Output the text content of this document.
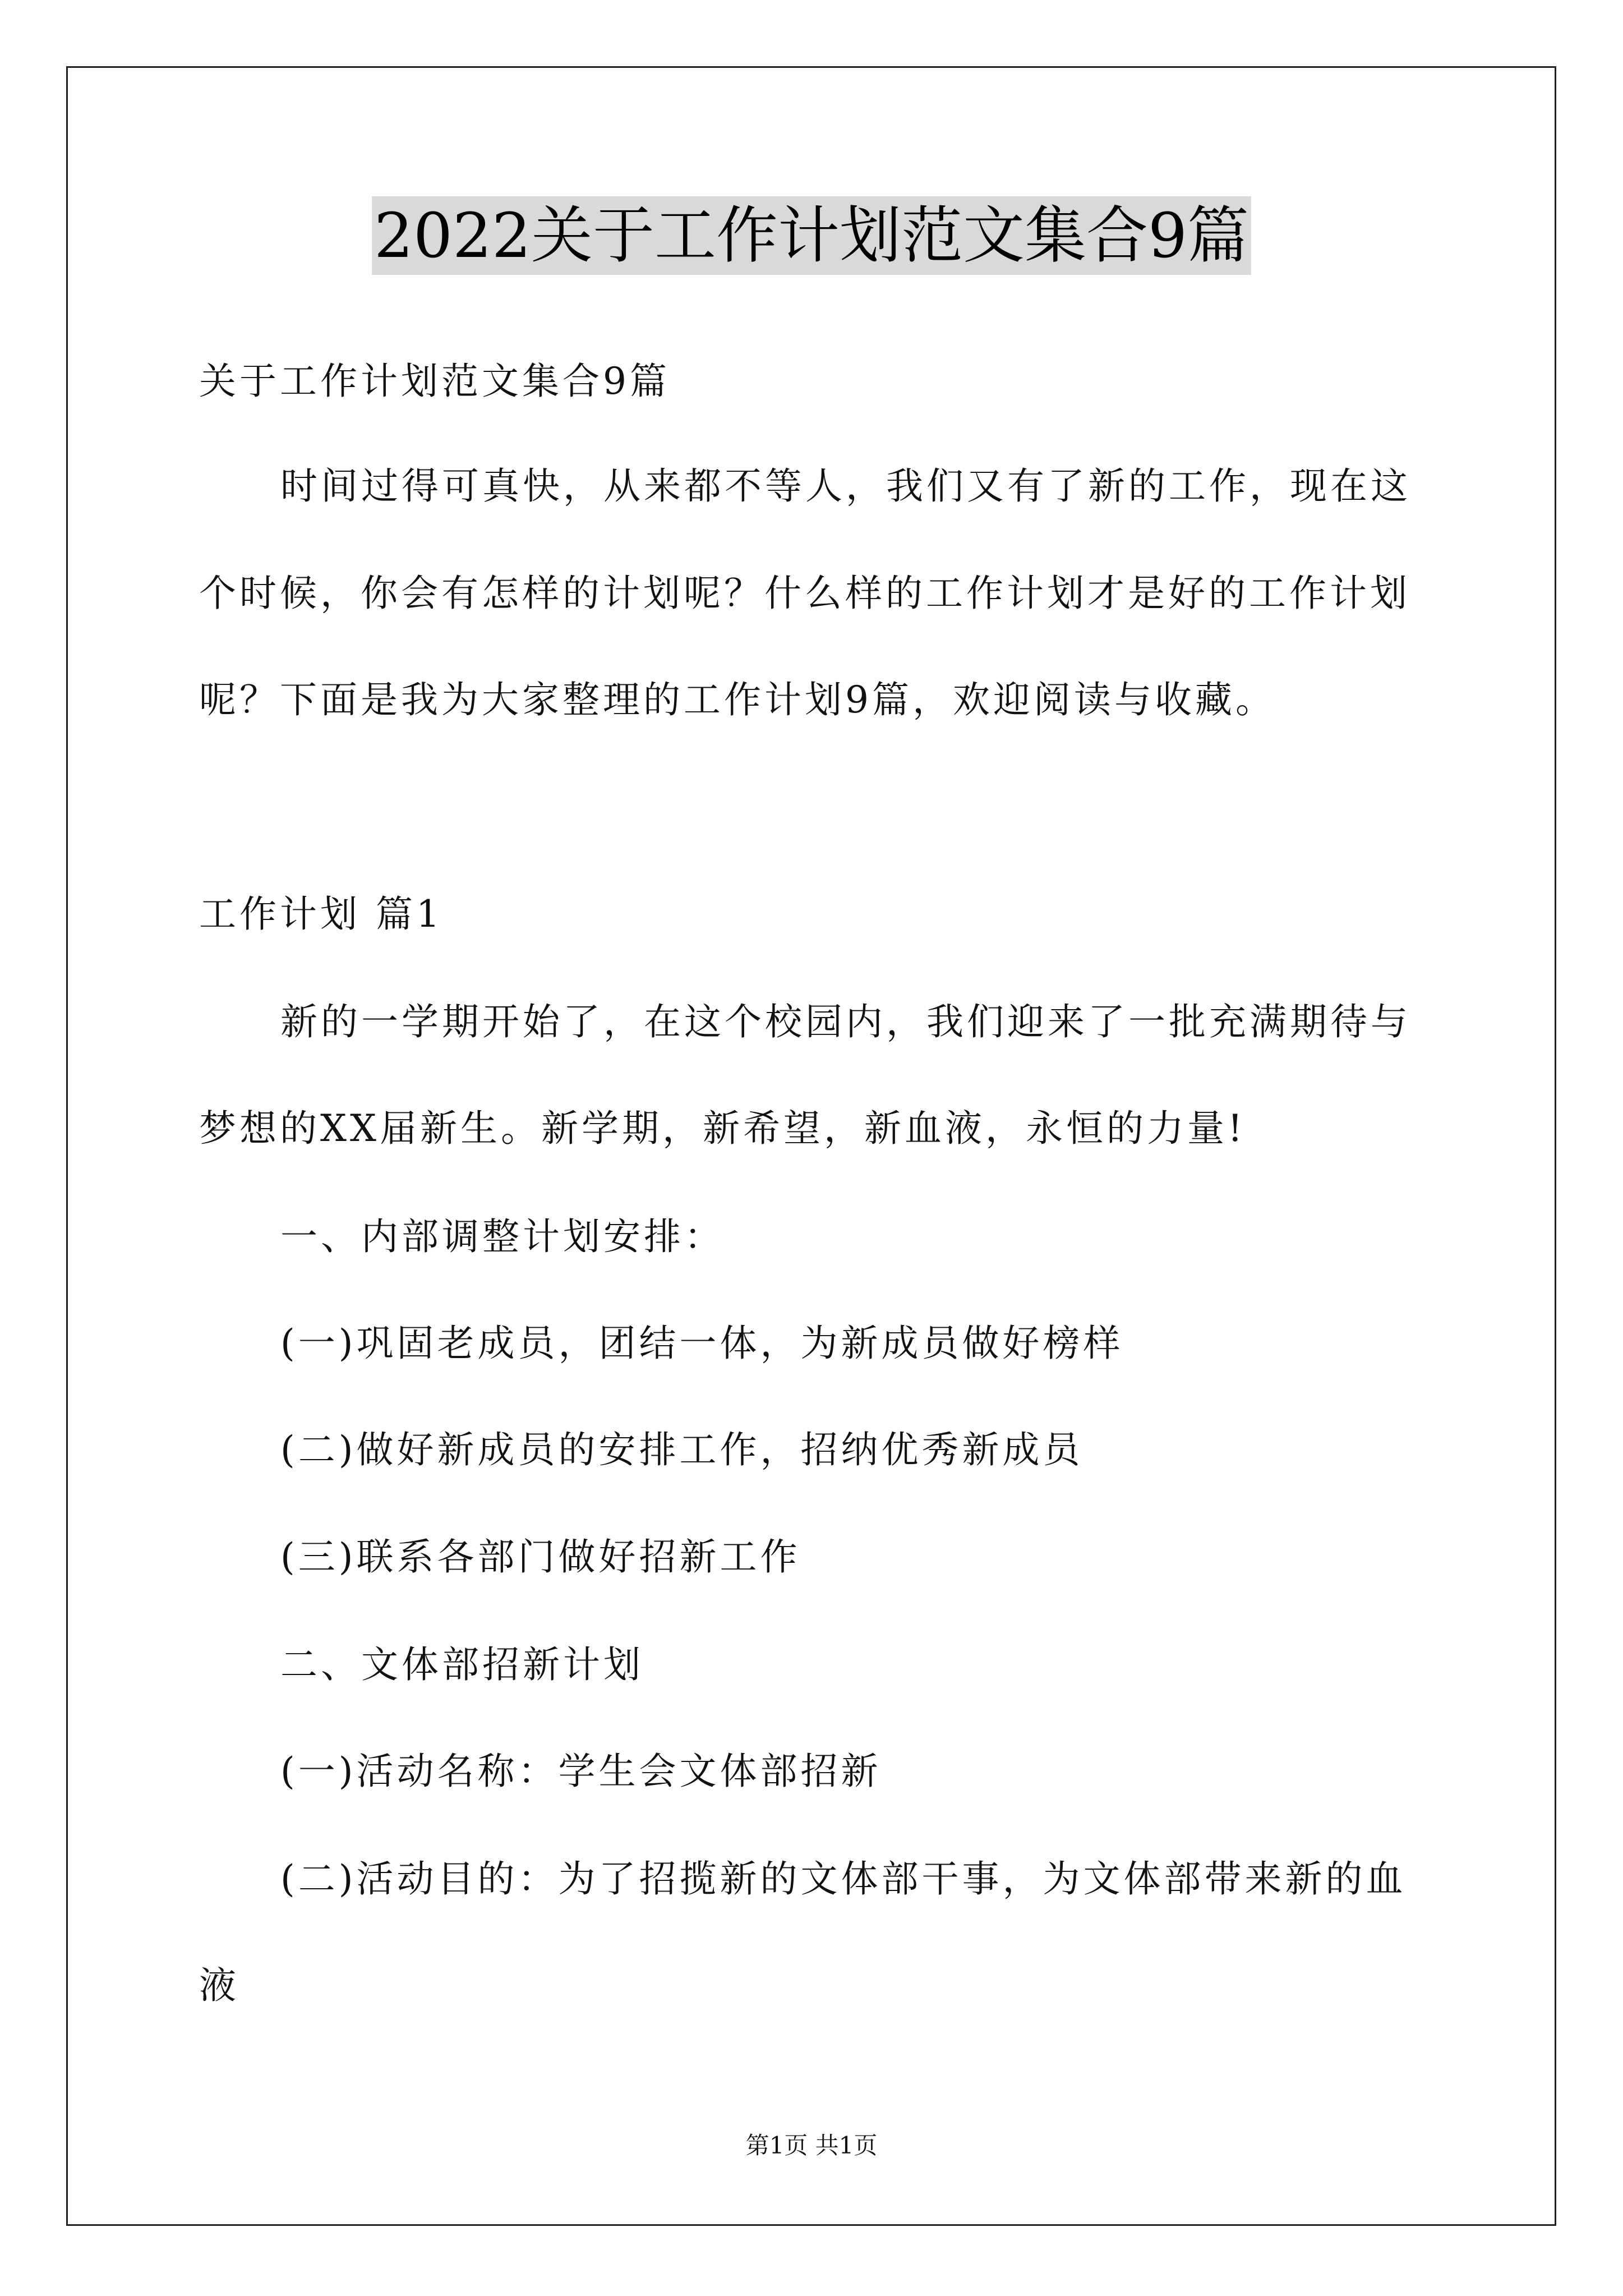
2022关于工作计划范文集合9篇
关于工作计划范文集合9篇
时间过得可真快，从来都不等人，我们又有了新的工作，现在这
个时候，你会有怎样的计划呢？什么样的工作计划才是好的工作计划
呢？下面是我为大家整理的工作计划9篇，欢迎阅读与收藏。
工作计划 篇1
新的一学期开始了，在这个校园内，我们迎来了一批充满期待与
梦想的XX届新生。新学期，新希望，新血液，永恒的力量!
一、内部调整计划安排：
(一)巩固老成员，团结一体，为新成员做好榜样
(二)做好新成员的安排工作，招纳优秀新成员
(三)联系各部门做好招新工作
二、文体部招新计划
(一)活动名称：学生会文体部招新
(二)活动目的：为了招揽新的文体部干事，为文体部带来新的血
液
第1页 共1页
